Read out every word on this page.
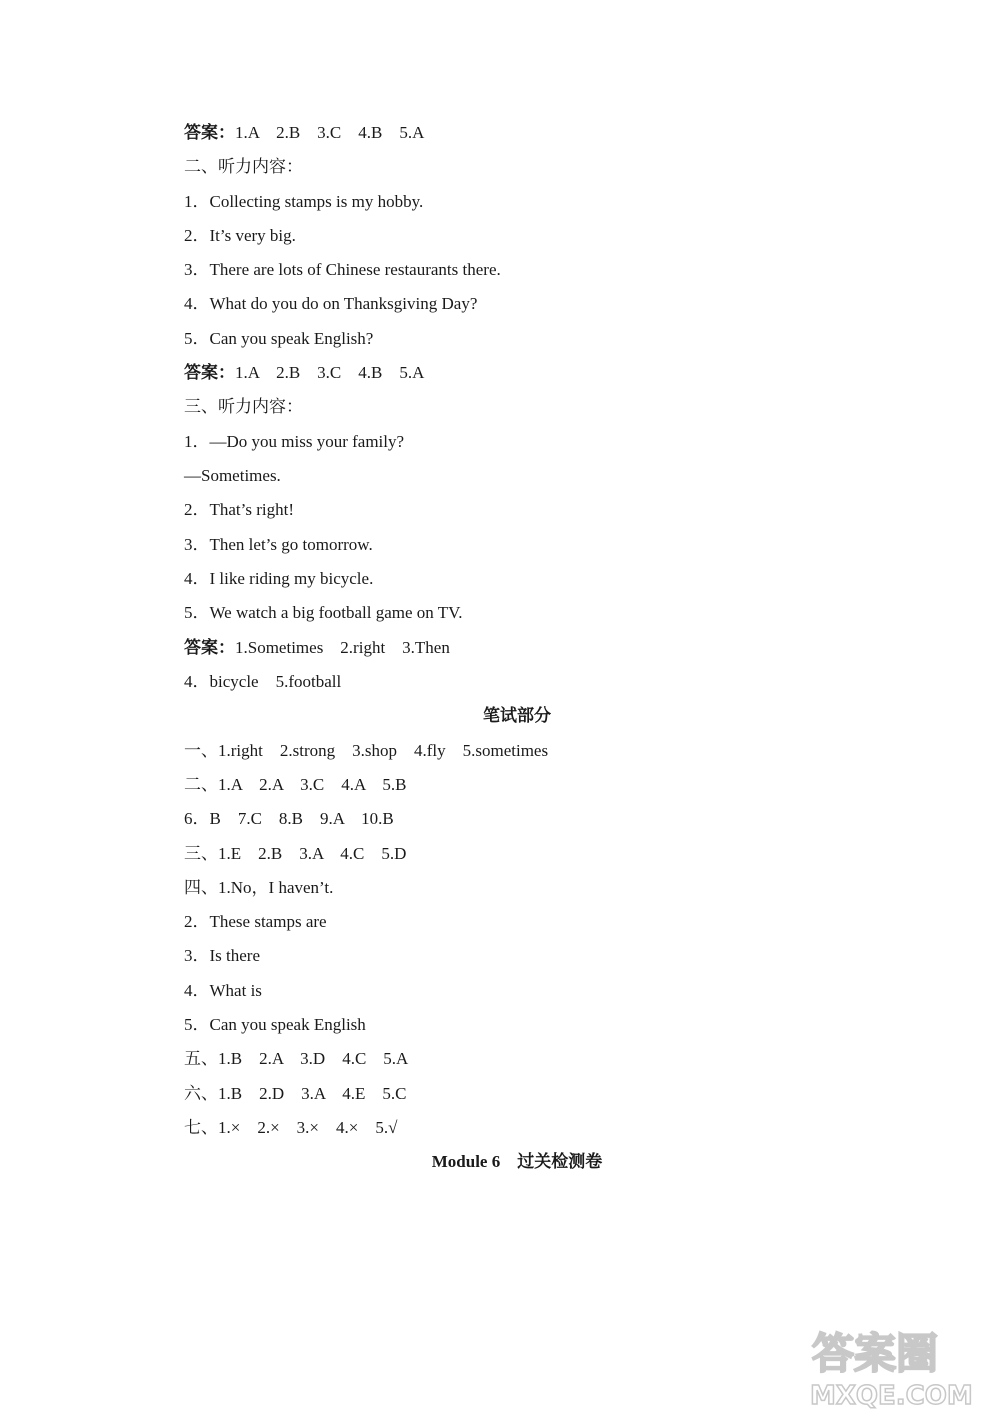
答案：1.A    2.B    3.C    4.B    5.A
二、听力内容：
1．Collecting stamps is my hobby.
2．It’s very big.
3．There are lots of Chinese restaurants there.
4．What do you do on Thanksgiving Day?
5．Can you speak English?
答案：1.A    2.B    3.C    4.B    5.A
三、听力内容：
1．—Do you miss your family?
—Sometimes.
2．That’s right!
3．Then let’s go tomorrow.
4．I like riding my bicycle.
5．We watch a big football game on TV.
答案：1.Sometimes    2.right    3.Then
4．bicycle    5.football
笔试部分
一、1.right    2.strong    3.shop    4.fly    5.sometimes
二、1.A    2.A    3.C    4.A    5.B
6．B    7.C    8.B    9.A    10.B
三、1.E    2.B    3.A    4.C    5.D
四、1.No，I haven’t.
2．These stamps are
3．Is there
4．What is
5．Can you speak English
五、1.B    2.A    3.D    4.C    5.A
六、1.B    2.D    3.A    4.E    5.C
七、1.×    2.×    3.×    4.×    5.√
Module 6    过关检测卷
答案圈
MXQE.COM
